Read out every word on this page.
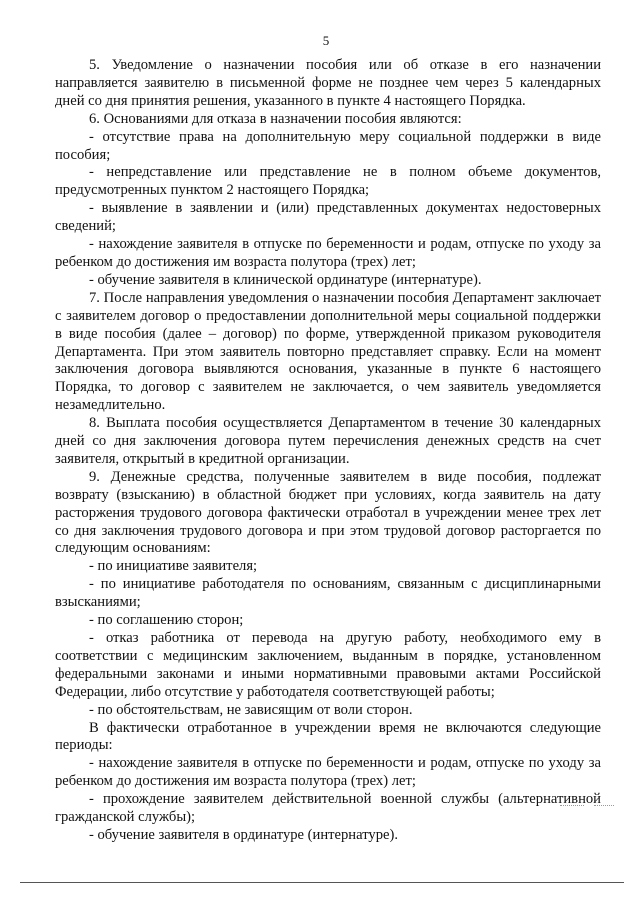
5

5. Уведомление о назначении пособия или об отказе в его назначении направляется заявителю в письменной форме не позднее чем через 5 календарных дней со дня принятия решения, указанного в пункте 4 настоящего Порядка.

6. Основаниями для отказа в назначении пособия являются:

- отсутствие права на дополнительную меру социальной поддержки в виде пособия;

- непредставление или представление не в полном объеме документов, предусмотренных пунктом 2 настоящего Порядка;

- выявление в заявлении и (или) представленных документах недостоверных сведений;

- нахождение заявителя в отпуске по беременности и родам, отпуске по уходу за ребенком до достижения им возраста полутора (трех) лет;

- обучение заявителя в клинической ординатуре (интернатуре).

7. После направления уведомления о назначении пособия Департамент заключает с заявителем договор о предоставлении дополнительной меры социальной поддержки в виде пособия (далее – договор) по форме, утвержденной приказом руководителя Департамента. При этом заявитель повторно представляет справку. Если на момент заключения договора выявляются основания, указанные в пункте 6 настоящего Порядка, то договор с заявителем не заключается, о чем заявитель уведомляется незамедлительно.

8. Выплата пособия осуществляется Департаментом в течение 30 календарных дней со дня заключения договора путем перечисления денежных средств на счет заявителя, открытый в кредитной организации.

9. Денежные средства, полученные заявителем в виде пособия, подлежат возврату (взысканию) в областной бюджет при условиях, когда заявитель на дату расторжения трудового договора фактически отработал в учреждении менее трех лет со дня заключения трудового договора и при этом трудовой договор расторгается по следующим основаниям:

- по инициативе заявителя;

- по инициативе работодателя по основаниям, связанным с дисциплинарными взысканиями;

- по соглашению сторон;

- отказ работника от перевода на другую работу, необходимого ему в соответствии с медицинским заключением, выданным в порядке, установленном федеральными законами и иными нормативными правовыми актами Российской Федерации, либо отсутствие у работодателя соответствующей работы;

- по обстоятельствам, не зависящим от воли сторон.

В фактически отработанное в учреждении время не включаются следующие периоды:

- нахождение заявителя в отпуске по беременности и родам, отпуске по уходу за ребенком до достижения им возраста полутора (трех) лет;

- прохождение заявителем действительной военной службы (альтернативной гражданской службы);

- обучение заявителя в ординатуре (интернатуре).
